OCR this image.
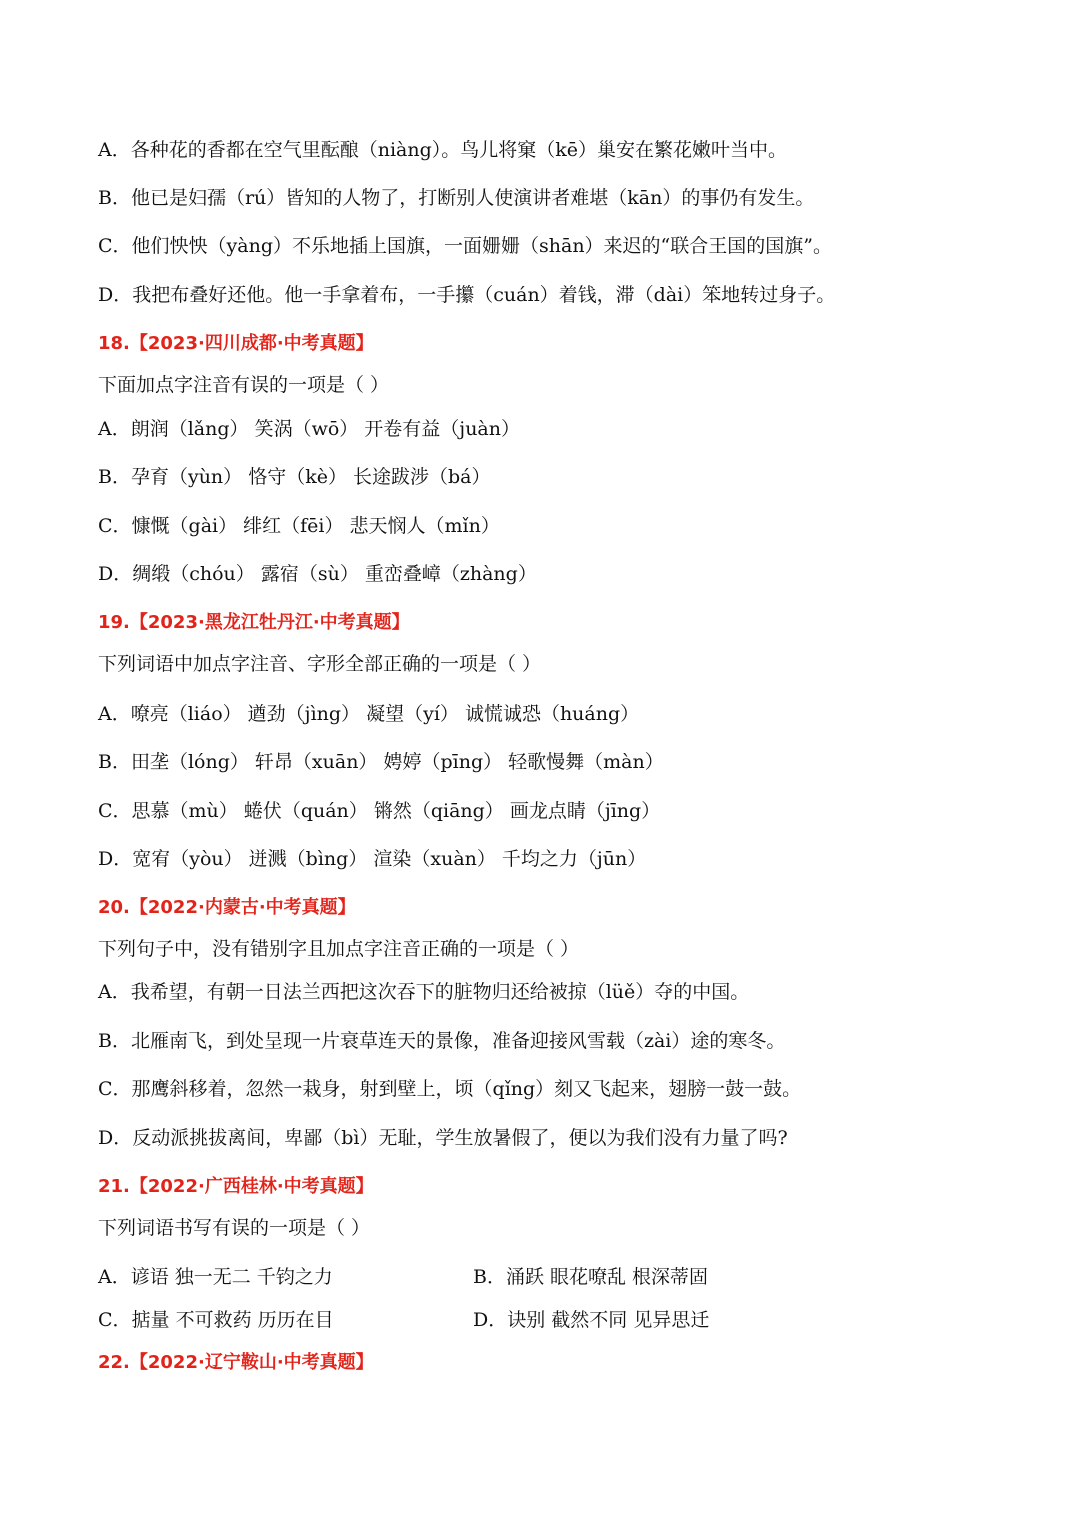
A．各种花的香都在空气里酝酿（niàng）。鸟儿将窠（kē）巢安在繁花嫩叶当中。
B．他已是妇孺（rú）皆知的人物了，打断别人使演讲者难堪（kān）的事仍有发生。
C．他们怏怏（yàng）不乐地插上国旗，一面姗姗（shān）来迟的“联合王国的国旗”。
D．我把布叠好还他。他一手拿着布，一手攥（cuán）着钱，滞（dài）笨地转过身子。
18.【2023·四川成都·中考真题】
下面加点字注音有误的一项是（ ）
A．朗润（lǎng） 笑涡（wō） 开卷有益（juàn）
B．孕育（yùn） 恪守（kè） 长途跋涉（bá）
C．慷慨（gài） 绯红（fēi） 悲天悯人（mǐn）
D．绸缎（chóu） 露宿（sù） 重峦叠嶂（zhàng）
19.【2023·黑龙江牡丹江·中考真题】
下列词语中加点字注音、字形全部正确的一项是（ ）
A．嘹亮（liáo） 遒劲（jìng） 凝望（yí） 诚慌诚恐（huáng）
B．田垄（lóng） 轩昂（xuān） 娉婷（pīng） 轻歌慢舞（màn）
C．思慕（mù） 蜷伏（quán） 锵然（qiāng） 画龙点睛（jīng）
D．宽宥（yòu） 迸溅（bìng） 渲染（xuàn） 千均之力（jūn）
20.【2022·内蒙古·中考真题】
下列句子中，没有错别字且加点字注音正确的一项是（ ）
A．我希望，有朝一日法兰西把这次吞下的脏物归还给被掠（lüě）夺的中国。
B．北雁南飞，到处呈现一片衰草连天的景像，准备迎接风雪载（zài）途的寒冬。
C．那鹰斜移着，忽然一栽身，射到壁上，顷（qǐng）刻又飞起来，翅膀一鼓一鼓。
D．反动派挑拔离间，卑鄙（bì）无耻，学生放暑假了，便以为我们没有力量了吗?
21.【2022·广西桂林·中考真题】
下列词语书写有误的一项是（ ）
A．谚语 独一无二 千钧之力	B．涌跃 眼花嘹乱 根深蒂固
C．掂量 不可救药 历历在目	D．诀别 截然不同 见异思迁
22.【2022·辽宁鞍山·中考真题】
